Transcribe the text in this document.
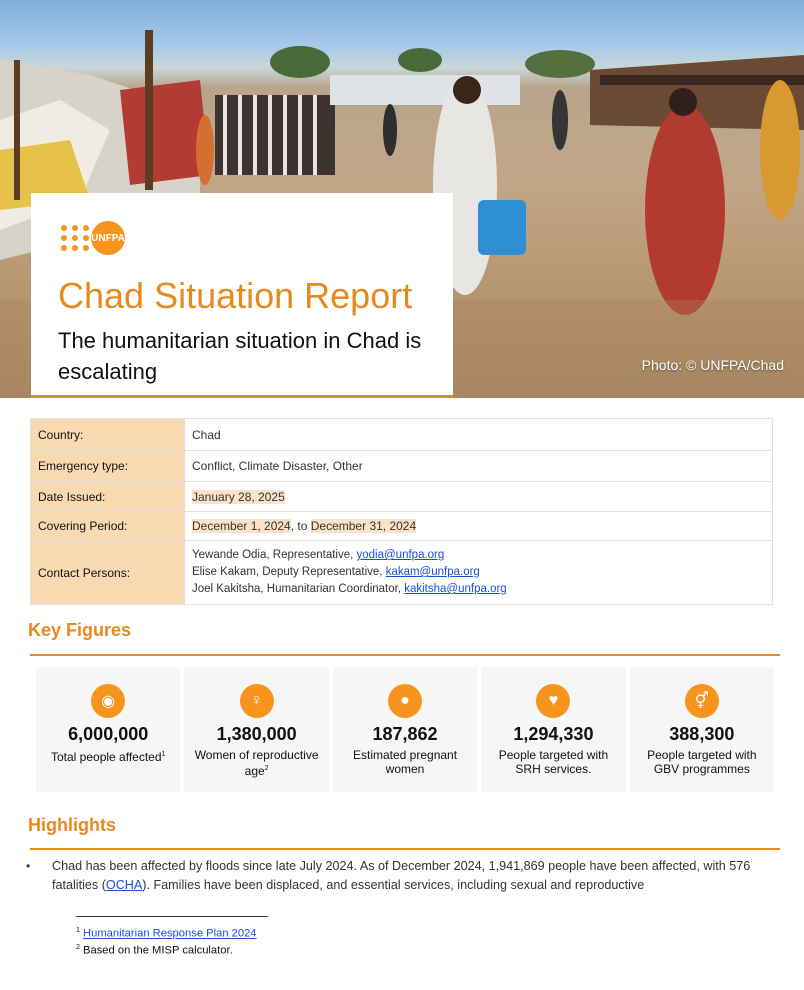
Photo: © UNFPA/Chad
UNFPA
Chad Situation Report
The humanitarian situation in Chad is escalating
Country:	Chad
Emergency type:	Conflict, Climate Disaster, Other
Date Issued:	January 28, 2025
Covering Period:	December 1, 2024, to December 31, 2024
Contact Persons:	Yewande Odia, Representative, yodia@unfpa.org
Elise Kakam, Deputy Representative, kakam@unfpa.org
Joel Kakitsha, Humanitarian Coordinator, kakitsha@unfpa.org
Key Figures
◉
6,000,000
Total people affected$^1$
♀
1,380,000
Women of reproductive age$^2$
●
187,862
Estimated pregnant women
♥
1,294,330
People targeted with SRH services.
⚥
388,300
People targeted with GBV programmes
Highlights
• Chad has been affected by floods since late July 2024. As of December 2024, 1,941,869 people have been affected, with 576 fatalities (OCHA). Families have been displaced, and essential services, including sexual and reproductive
$^1$ Humanitarian Response Plan 2024
$^2$ Based on the MISP calculator.
